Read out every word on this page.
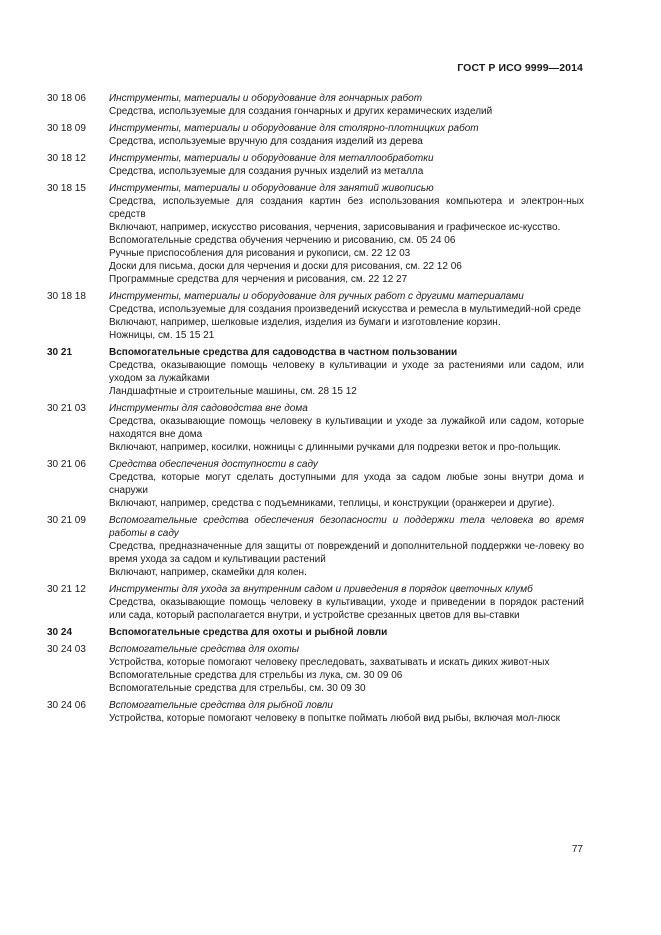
ГОСТ Р ИСО 9999—2014
30 18 06	Инструменты, материалы и оборудование для гончарных работ
Средства, используемые для создания гончарных и других керамических изделий
30 18 09	Инструменты, материалы и оборудование для столярно-плотницких работ
Средства, используемые вручную для создания изделий из дерева
30 18 12	Инструменты, материалы и оборудование для металлообработки
Средства, используемые для создания ручных изделий из металла
30 18 15	Инструменты, материалы и оборудование для занятий живописью
Средства, используемые для создания картин без использования компьютера и электрон-ных средств
Включают, например, искусство рисования, черчения, зарисовывания и графическое ис-кусство.
Вспомогательные средства обучения черчению и рисованию, см. 05 24 06
Ручные приспособления для рисования и рукописи, см. 22 12 03
Доски для письма, доски для черчения и доски для рисования, см. 22 12 06
Программные средства для черчения и рисования, см. 22 12 27
30 18 18	Инструменты, материалы и оборудование для ручных работ с другими материалами
Средства, используемые для создания произведений искусства и ремесла в мультимедий-ной среде
Включают, например, шелковые изделия, изделия из бумаги и изготовление корзин.
Ножницы, см. 15 15 21
30 21	Вспомогательные средства для садоводства в частном пользовании
Средства, оказывающие помощь человеку в культивации и уходе за растениями или садом, или уходом за лужайками
Ландшафтные и строительные машины, см. 28 15 12
30 21 03	Инструменты для садоводства вне дома
Средства, оказывающие помощь человеку в культивации и уходе за лужайкой или садом, которые находятся вне дома
Включают, например, косилки, ножницы с длинными ручками для подрезки веток и про-польщик.
30 21 06	Средства обеспечения доступности в саду
Средства, которые могут сделать доступными для ухода за садом любые зоны внутри дома и снаружи
Включают, например, средства с подъемниками, теплицы, и конструкции (оранжереи и другие).
30 21 09	Вспомогательные средства обеспечения безопасности и поддержки тела человека во время работы в саду
Средства, предназначенные для защиты от повреждений и дополнительной поддержки че-ловеку во время ухода за садом и культивации растений
Включают, например, скамейки для колен.
30 21 12	Инструменты для ухода за внутренним садом и приведения в порядок цветочных клумб
Средства, оказывающие помощь человеку в культивации, уходе и приведении в порядок растений или сада, который располагается внутри, и устройстве срезанных цветов для вы-ставки
30 24	Вспомогательные средства для охоты и рыбной ловли
30 24 03	Вспомогательные средства для охоты
Устройства, которые помогают человеку преследовать, захватывать и искать диких живот-ных
Вспомогательные средства для стрельбы из лука, см. 30 09 06
Вспомогательные средства для стрельбы, см. 30 09 30
30 24 06	Вспомогательные средства для рыбной ловли
Устройства, которые помогают человеку в попытке поймать любой вид рыбы, включая мол-люск
77
